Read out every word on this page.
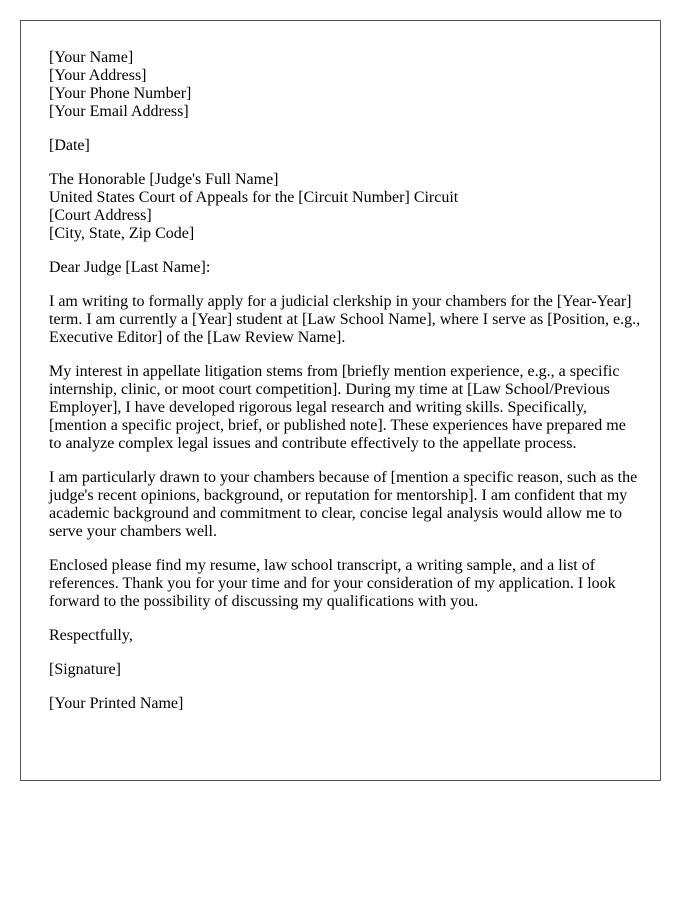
[Your Name]
[Your Address]
[Your Phone Number]
[Your Email Address]

[Date]

The Honorable [Judge's Full Name]
United States Court of Appeals for the [Circuit Number] Circuit
[Court Address]
[City, State, Zip Code]

Dear Judge [Last Name]:

I am writing to formally apply for a judicial clerkship in your chambers for the [Year-Year] term. I am currently a [Year] student at [Law School Name], where I serve as [Position, e.g., Executive Editor] of the [Law Review Name].

My interest in appellate litigation stems from [briefly mention experience, e.g., a specific internship, clinic, or moot court competition]. During my time at [Law School/Previous Employer], I have developed rigorous legal research and writing skills. Specifically, [mention a specific project, brief, or published note]. These experiences have prepared me to analyze complex legal issues and contribute effectively to the appellate process.

I am particularly drawn to your chambers because of [mention a specific reason, such as the judge's recent opinions, background, or reputation for mentorship]. I am confident that my academic background and commitment to clear, concise legal analysis would allow me to serve your chambers well.

Enclosed please find my resume, law school transcript, a writing sample, and a list of references. Thank you for your time and for your consideration of my application. I look forward to the possibility of discussing my qualifications with you.

Respectfully,

[Signature]

[Your Printed Name]
